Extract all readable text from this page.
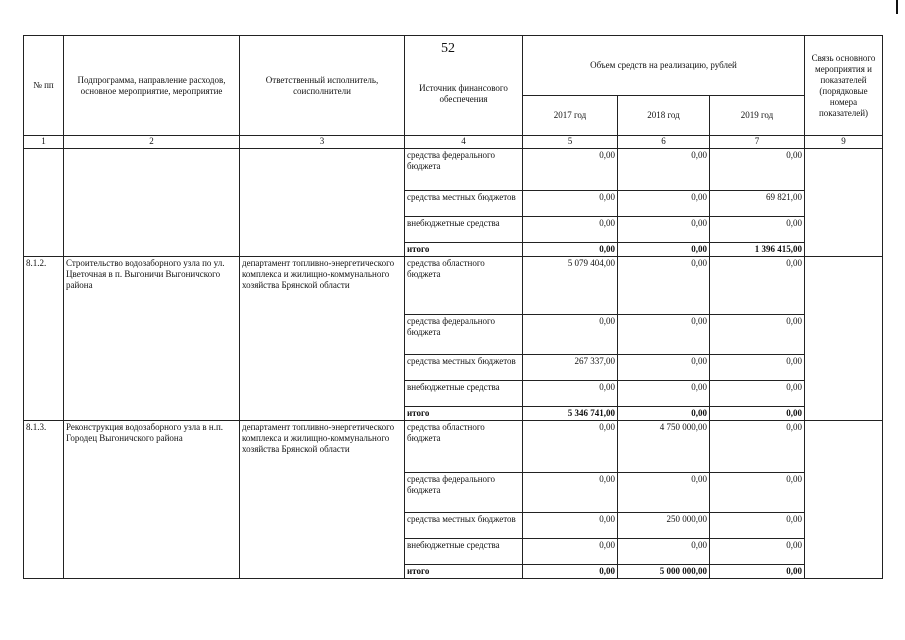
52
№ пп	Подпрограмма, направление расходов, основное мероприятие, мероприятие	Ответственный исполнитель, соисполнители	Источник финансового обеспечения	Объем средств на реализацию, рублей			Связь основного мероприятия и показателей (порядковые номера показателей)
				2017 год	2018 год	2019 год	
1	2	3	4	5	6	7	9
			средства федерального бюджета	0,00	0,00	0,00	
			средства местных бюджетов	0,00	0,00	69 821,00	
			внебюджетные средства	0,00	0,00	0,00	
			итого	0,00	0,00	1 396 415,00	
8.1.2.	Строительство водозаборного узла по ул. Цветочная в п. Выгоничи Выгоничского района	департамент топливно-энергетического комплекса и жилищно-коммунального хозяйства Брянской области	средства областного бюджета	5 079 404,00	0,00	0,00	
			средства федерального бюджета	0,00	0,00	0,00	
			средства местных бюджетов	267 337,00	0,00	0,00	
			внебюджетные средства	0,00	0,00	0,00	
			итого	5 346 741,00	0,00	0,00	
8.1.3.	Реконструкция водозаборного узла в н.п. Городец Выгоничского района	департамент топливно-энергетического комплекса и жилищно-коммунального хозяйства Брянской области	средства областного бюджета	0,00	4 750 000,00	0,00	
			средства федерального бюджета	0,00	0,00	0,00	
			средства местных бюджетов	0,00	250 000,00	0,00	
			внебюджетные средства	0,00	0,00	0,00	
			итого	0,00	5 000 000,00	0,00	
